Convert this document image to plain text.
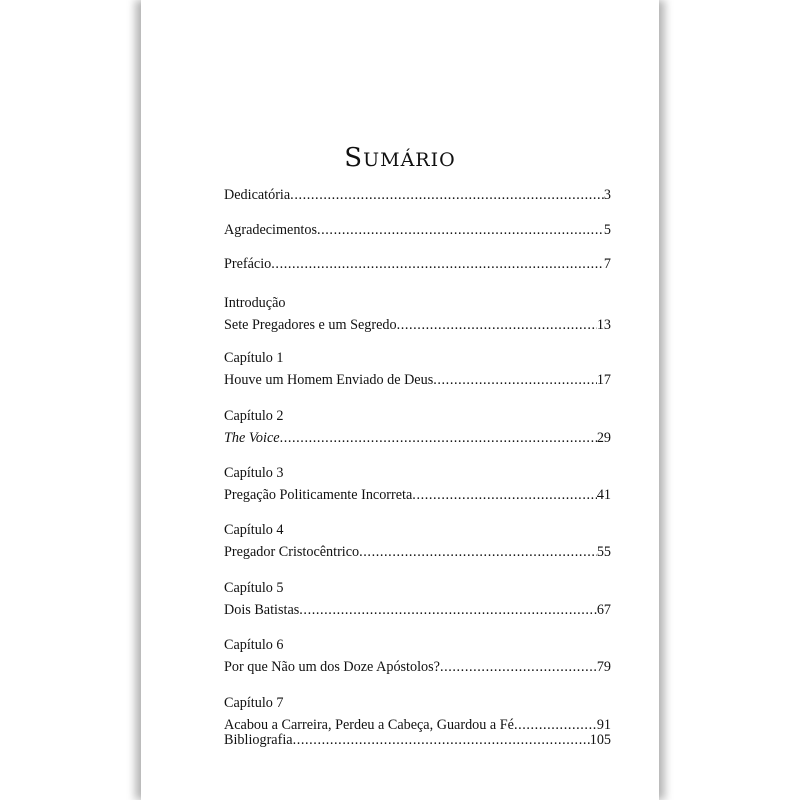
SUMÁRIO
Dedicatória .....	3
Agradecimentos .....	5
Prefácio .....	7
Introdução
Sete Pregadores e um Segredo .....	13
Capítulo 1
Houve um Homem Enviado de Deus .....	17
Capítulo 2
The Voice .....	29
Capítulo 3
Pregação Politicamente Incorreta .....	41
Capítulo 4
Pregador Cristocêntrico .....	55
Capítulo 5
Dois Batistas .....	67
Capítulo 6
Por que Não um dos Doze Apóstolos? .....	79
Capítulo 7
Acabou a Carreira, Perdeu a Cabeça, Guardou a Fé .....	91
Bibliografia .....	105
